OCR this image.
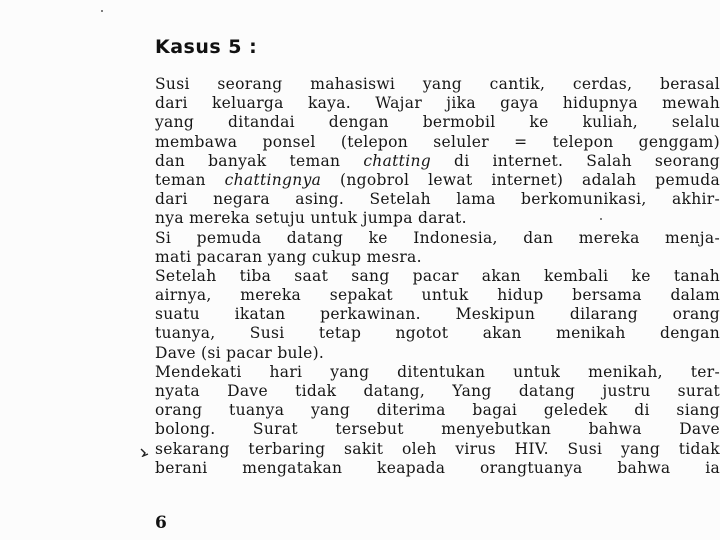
Kasus 5 :
Susi seorang mahasiswi yang cantik, cerdas, berasal
dari keluarga kaya. Wajar jika gaya hidupnya mewah
yang ditandai dengan bermobil ke kuliah, selalu
membawa ponsel (telepon seluler = telepon genggam)
dan banyak teman chatting di internet. Salah seorang
teman chattingnya (ngobrol lewat internet) adalah pemuda
dari negara asing. Setelah lama berkomunikasi, akhir-
nya mereka setuju untuk jumpa darat.
Si pemuda datang ke Indonesia, dan mereka menja-
mati pacaran yang cukup mesra.
Setelah tiba saat sang pacar akan kembali ke tanah
airnya, mereka sepakat untuk hidup bersama dalam
suatu ikatan perkawinan. Meskipun dilarang orang
tuanya, Susi tetap ngotot akan menikah dengan
Dave (si pacar bule).
Mendekati hari yang ditentukan untuk menikah, ter-
nyata Dave tidak datang, Yang datang justru surat
orang tuanya yang diterima bagai geledek di siang
bolong. Surat tersebut menyebutkan bahwa Dave
sekarang terbaring sakit oleh virus HIV. Susi yang tidak
berani mengatakan keapada orangtuanya bahwa ia
6
